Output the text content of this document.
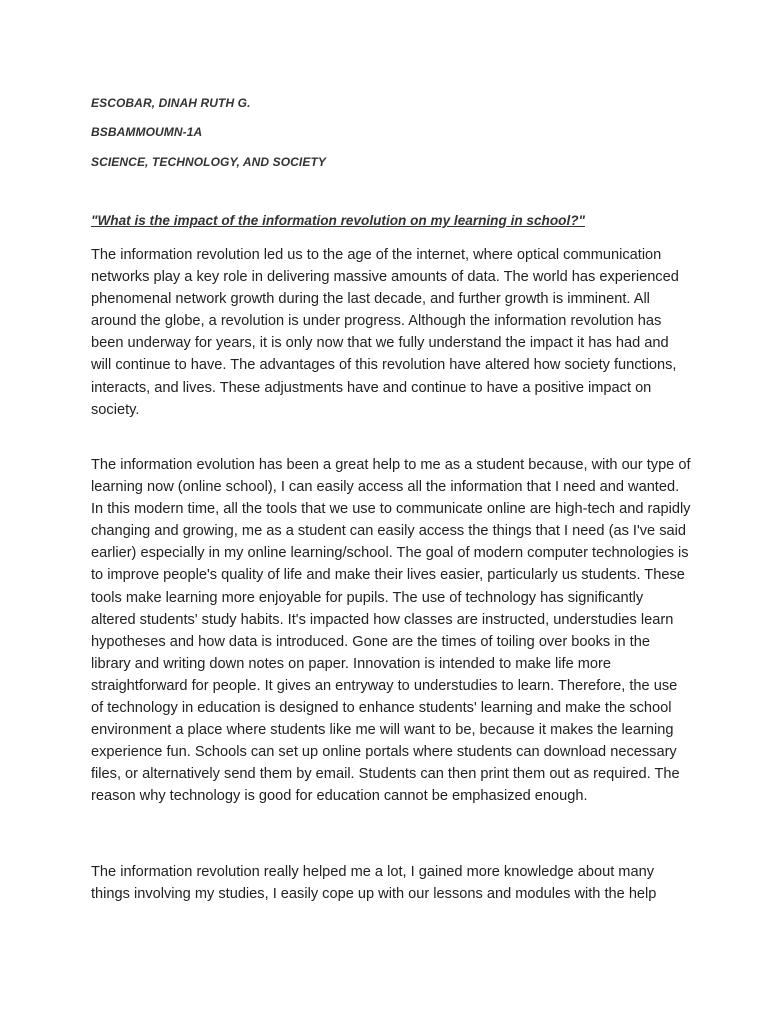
ESCOBAR, DINAH RUTH G.
BSBAMMOUMN-1A
SCIENCE, TECHNOLOGY, AND SOCIETY
"What is the impact of the information revolution on my learning in school?"

The information revolution led us to the age of the internet, where optical communication networks play a key role in delivering massive amounts of data. The world has experienced phenomenal network growth during the last decade, and further growth is imminent. All around the globe, a revolution is under progress. Although the information revolution has been underway for years, it is only now that we fully understand the impact it has had and will continue to have. The advantages of this revolution have altered how society functions, interacts, and lives. These adjustments have and continue to have a positive impact on society.

The information evolution has been a great help to me as a student because, with our type of learning now (online school), I can easily access all the information that I need and wanted. In this modern time, all the tools that we use to communicate online are high-tech and rapidly changing and growing, me as a student can easily access the things that I need (as I've said earlier) especially in my online learning/school. The goal of modern computer technologies is to improve people's quality of life and make their lives easier, particularly us students. These tools make learning more enjoyable for pupils. The use of technology has significantly altered students' study habits. It's impacted how classes are instructed, understudies learn hypotheses and how data is introduced. Gone are the times of toiling over books in the library and writing down notes on paper. Innovation is intended to make life more straightforward for people. It gives an entryway to understudies to learn. Therefore, the use of technology in education is designed to enhance students' learning and make the school environment a place where students like me will want to be, because it makes the learning experience fun. Schools can set up online portals where students can download necessary files, or alternatively send them by email. Students can then print them out as required. The reason why technology is good for education cannot be emphasized enough.

The information revolution really helped me a lot, I gained more knowledge about many things involving my studies, I easily cope up with our lessons and modules with the help
